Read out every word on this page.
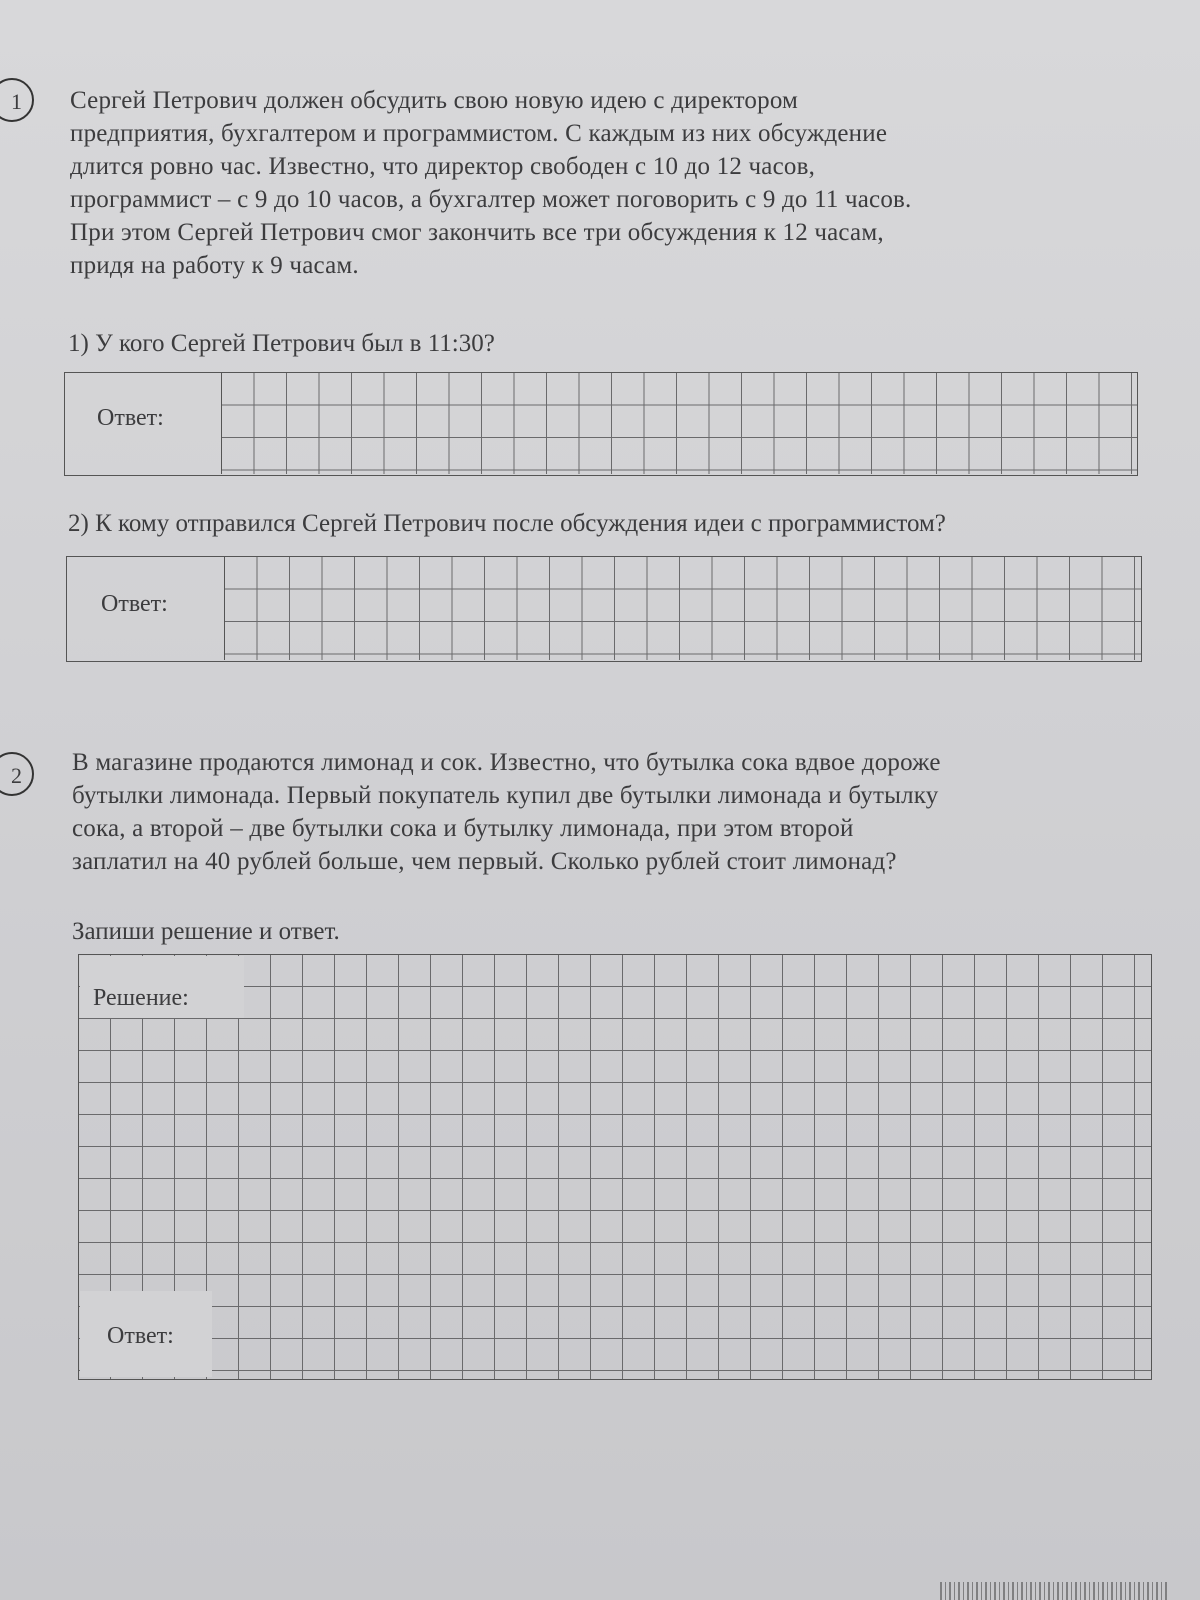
1	Сергей Петрович должен обсудить свою новую идею с директором
предприятия, бухгалтером и программистом. С каждым из них обсуждение
длится ровно час. Известно, что директор свободен с 10 до 12 часов,
программист – с 9 до 10 часов, а бухгалтер может поговорить с 9 до 11 часов.
При этом Сергей Петрович смог закончить все три обсуждения к 12 часам,
придя на работу к 9 часам.
1) У кого Сергей Петрович был в 11:30?
Ответ:
2) К кому отправился Сергей Петрович после обсуждения идеи с программистом?
Ответ:
2	В магазине продаются лимонад и сок. Известно, что бутылка сока вдвое дороже
бутылки лимонада. Первый покупатель купил две бутылки лимонада и бутылку
сока, а второй – две бутылки сока и бутылку лимонада, при этом второй
заплатил на 40 рублей больше, чем первый. Сколько рублей стоит лимонад?
Запиши решение и ответ.
Решение:
Ответ:
